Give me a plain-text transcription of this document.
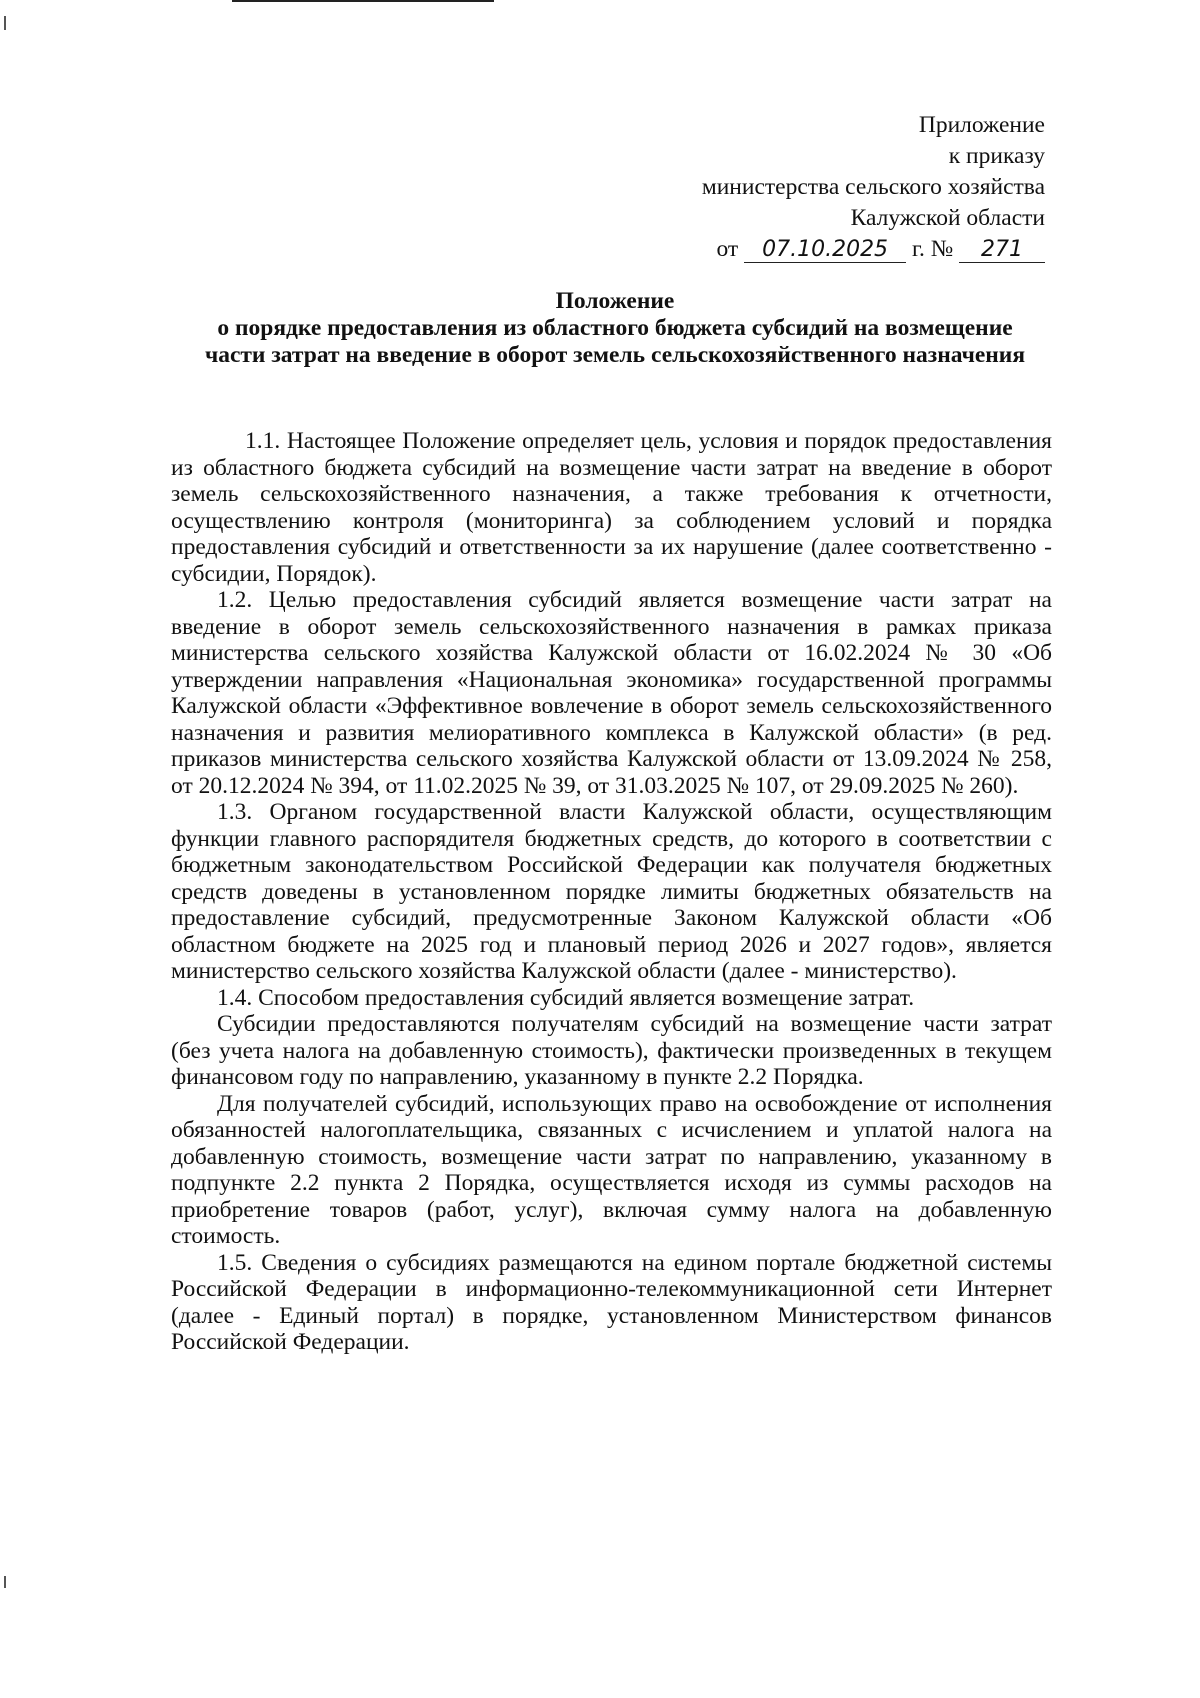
Приложение
к приказу
министерства сельского хозяйства
Калужской области
от 07.10.2025 г. № 271
Положение
о порядке предоставления из областного бюджета субсидий на возмещение
части затрат на введение в оборот земель сельскохозяйственного назначения

1.1. Настоящее Положение определяет цель, условия и порядок предоставления из областного бюджета субсидий на возмещение части затрат на введение в оборот земель сельскохозяйственного назначения, а также требования к отчетности, осуществлению контроля (мониторинга) за соблюдением условий и порядка предоставления субсидий и ответственности за их нарушение (далее соответственно - субсидии, Порядок).

1.2. Целью предоставления субсидий является возмещение части затрат на введение в оборот земель сельскохозяйственного назначения в рамках приказа министерства сельского хозяйства Калужской области от 16.02.2024 № 30 «Об утверждении направления «Национальная экономика» государственной программы Калужской области «Эффективное вовлечение в оборот земель сельскохозяйственного назначения и развития мелиоративного комплекса в Калужской области» (в ред. приказов министерства сельского хозяйства Калужской области от 13.09.2024 № 258, от 20.12.2024 № 394, от 11.02.2025 № 39, от 31.03.2025 № 107, от 29.09.2025 № 260).

1.3. Органом государственной власти Калужской области, осуществляющим функции главного распорядителя бюджетных средств, до которого в соответствии с бюджетным законодательством Российской Федерации как получателя бюджетных средств доведены в установленном порядке лимиты бюджетных обязательств на предоставление субсидий, предусмотренные Законом Калужской области «Об областном бюджете на 2025 год и плановый период 2026 и 2027 годов», является министерство сельского хозяйства Калужской области (далее - министерство).

1.4. Способом предоставления субсидий является возмещение затрат.

Субсидии предоставляются получателям субсидий на возмещение части затрат (без учета налога на добавленную стоимость), фактически произведенных в текущем финансовом году по направлению, указанному в пункте 2.2 Порядка.

Для получателей субсидий, использующих право на освобождение от исполнения обязанностей налогоплательщика, связанных с исчислением и уплатой налога на добавленную стоимость, возмещение части затрат по направлению, указанному в подпункте 2.2 пункта 2 Порядка, осуществляется исходя из суммы расходов на приобретение товаров (работ, услуг), включая сумму налога на добавленную стоимость.

1.5. Сведения о субсидиях размещаются на едином портале бюджетной системы Российской Федерации в информационно-телекоммуникационной сети Интернет (далее - Единый портал) в порядке, установленном Министерством финансов Российской Федерации.
